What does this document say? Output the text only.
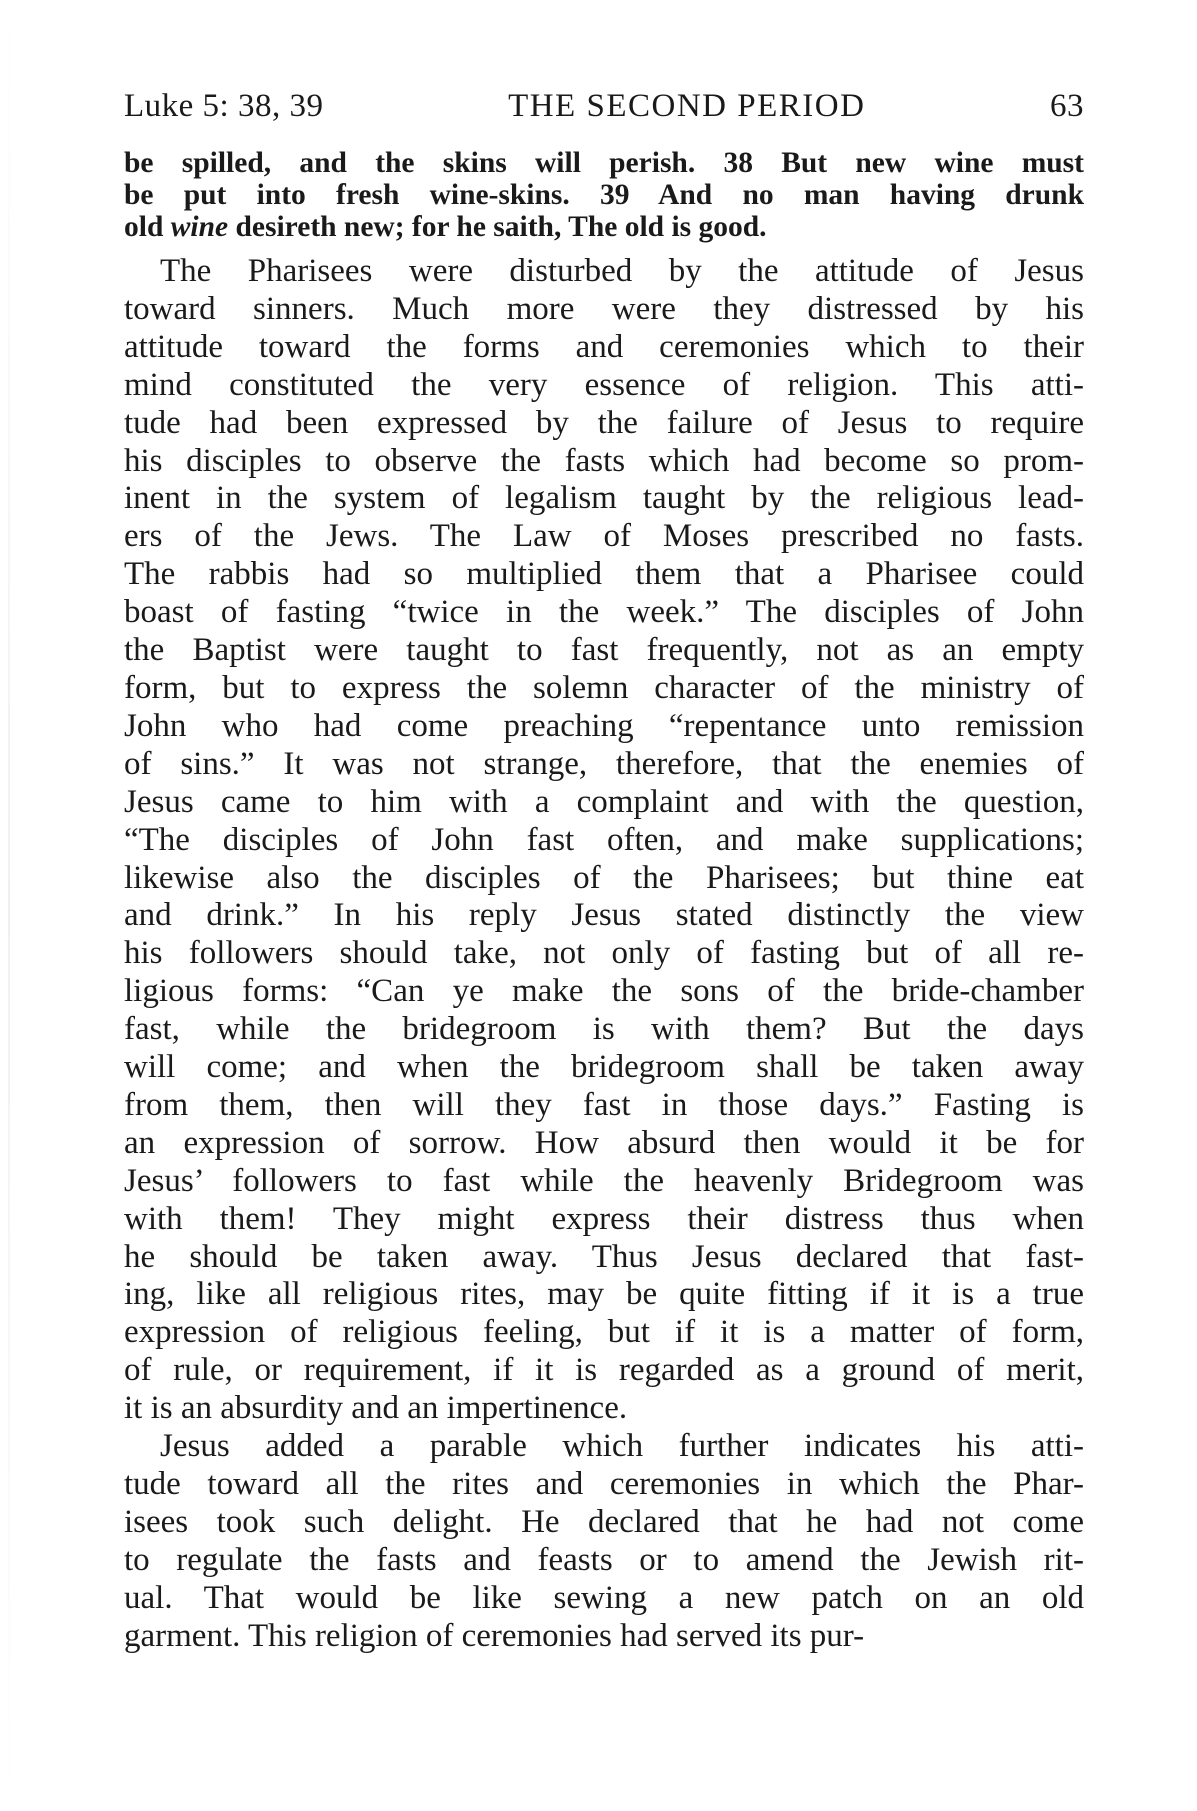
Luke 5: 38, 39	THE SECOND PERIOD	63
be spilled, and the skins will perish. 38 But new wine must
be put into fresh wine-skins. 39 And no man having drunk
old wine desireth new; for he saith, The old is good.
The Pharisees were disturbed by the attitude of Jesus
toward sinners. Much more were they distressed by his
attitude toward the forms and ceremonies which to their
mind constituted the very essence of religion. This atti-
tude had been expressed by the failure of Jesus to require
his disciples to observe the fasts which had become so prom-
inent in the system of legalism taught by the religious lead-
ers of the Jews. The Law of Moses prescribed no fasts.
The rabbis had so multiplied them that a Pharisee could
boast of fasting “twice in the week.” The disciples of John
the Baptist were taught to fast frequently, not as an empty
form, but to express the solemn character of the ministry of
John who had come preaching “repentance unto remission
of sins.” It was not strange, therefore, that the enemies of
Jesus came to him with a complaint and with the question,
“The disciples of John fast often, and make supplications;
likewise also the disciples of the Pharisees; but thine eat
and drink.” In his reply Jesus stated distinctly the view
his followers should take, not only of fasting but of all re-
ligious forms: “Can ye make the sons of the bride-chamber
fast, while the bridegroom is with them? But the days
will come; and when the bridegroom shall be taken away
from them, then will they fast in those days.” Fasting is
an expression of sorrow. How absurd then would it be for
Jesus’ followers to fast while the heavenly Bridegroom was
with them! They might express their distress thus when
he should be taken away. Thus Jesus declared that fast-
ing, like all religious rites, may be quite fitting if it is a true
expression of religious feeling, but if it is a matter of form,
of rule, or requirement, if it is regarded as a ground of merit,
it is an absurdity and an impertinence.
Jesus added a parable which further indicates his atti-
tude toward all the rites and ceremonies in which the Phar-
isees took such delight. He declared that he had not come
to regulate the fasts and feasts or to amend the Jewish rit-
ual. That would be like sewing a new patch on an old
garment. This religion of ceremonies had served its pur-
